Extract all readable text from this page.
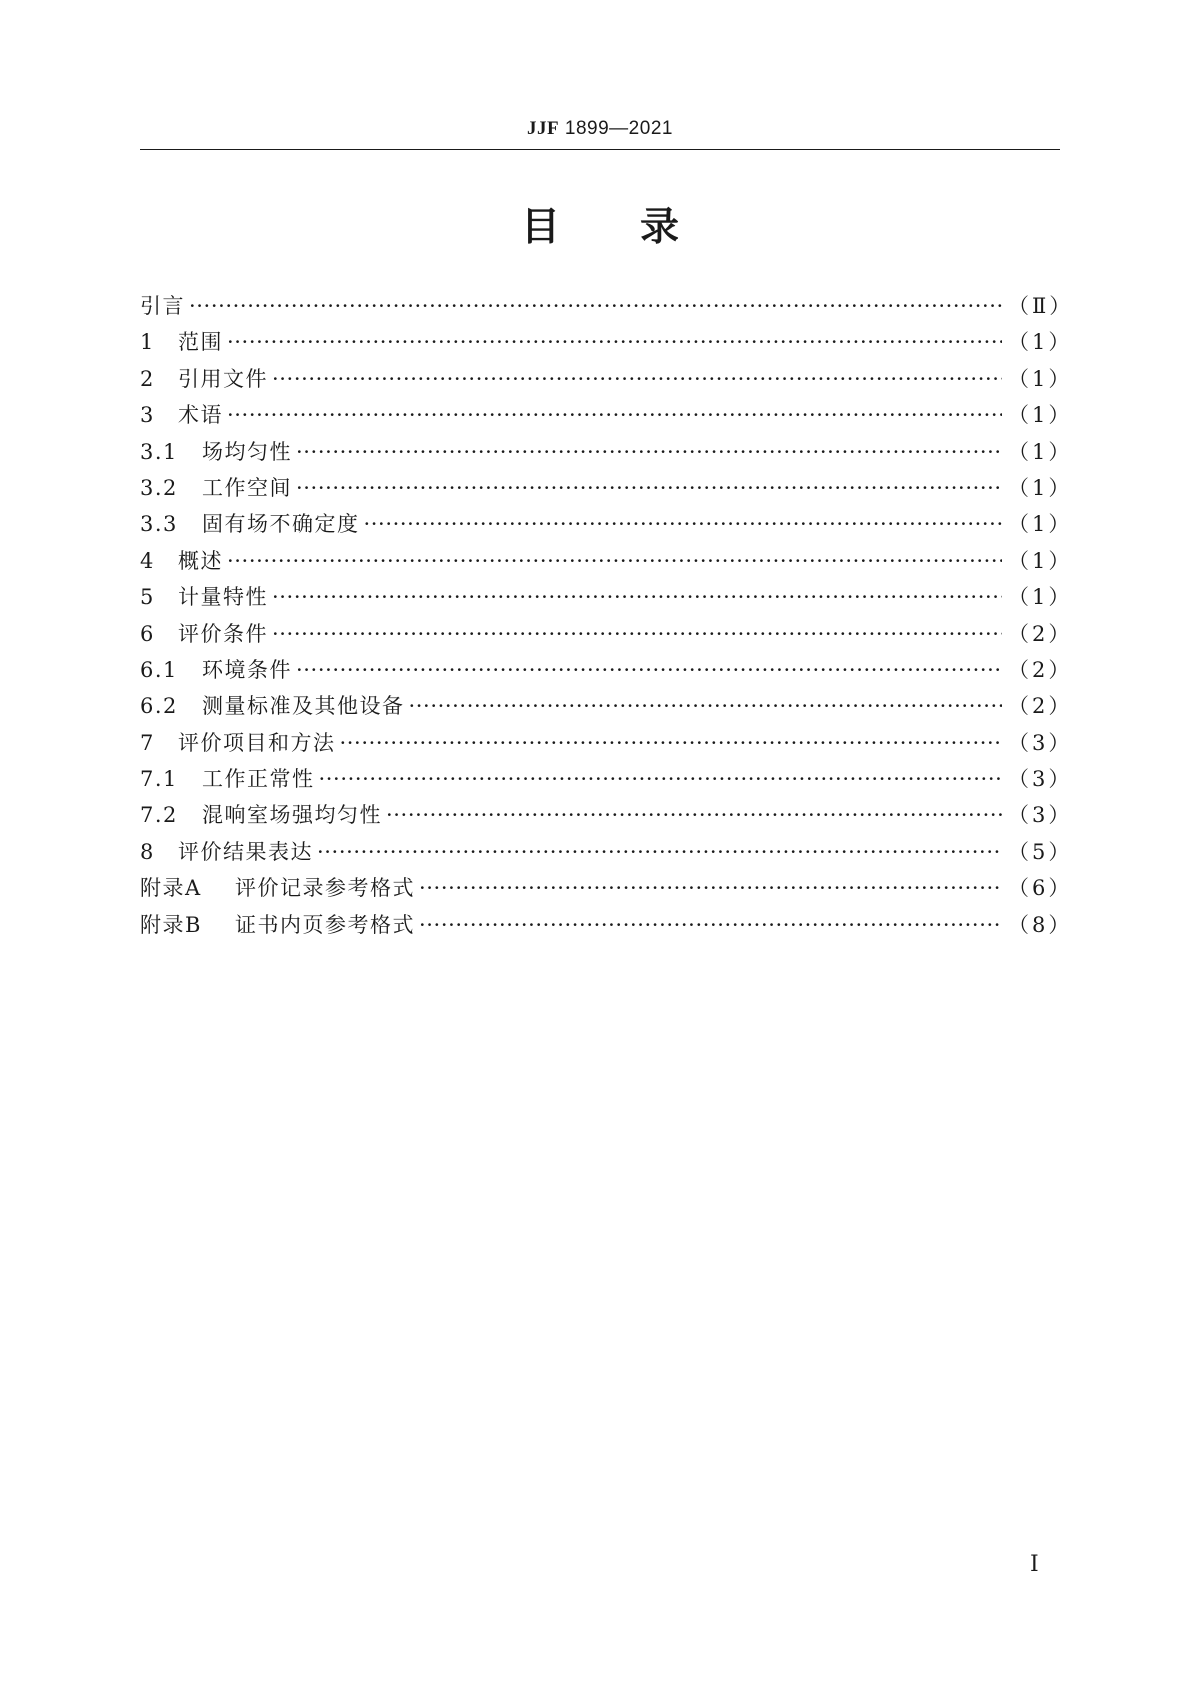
JJF 1899—2021
目录
引言 ·····	（Ⅱ）
1	范围 ·····	（1）
2	引用文件 ·····	（1）
3	术语 ·····	（1）
3.1	场均匀性 ·····	（1）
3.2	工作空间 ·····	（1）
3.3	固有场不确定度 ·····	（1）
4	概述 ·····	（1）
5	计量特性 ·····	（1）
6	评价条件 ·····	（2）
6.1	环境条件 ·····	（2）
6.2	测量标准及其他设备 ·····	（2）
7	评价项目和方法 ·····	（3）
7.1	工作正常性 ·····	（3）
7.2	混响室场强均匀性 ·····	（3）
8	评价结果表达 ·····	（5）
附录A	评价记录参考格式 ·····	（6）
附录B	证书内页参考格式 ·····	（8）
I
